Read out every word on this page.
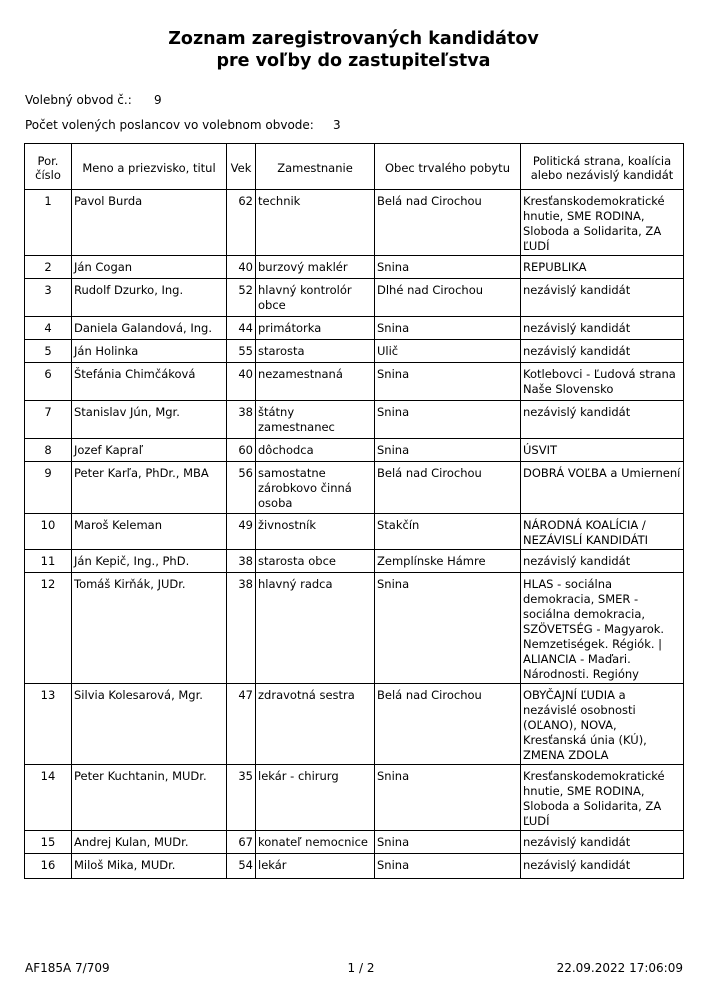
Zoznam zaregistrovaných kandidátov
pre voľby do zastupiteľstva
Volebný obvod č.: 9
Počet volených poslancov vo volebnom obvode: 3
Por. číslo	Meno a priezvisko, titul	Vek	Zamestnanie	Obec trvalého pobytu	Politická strana, koalícia alebo nezávislý kandidát
1	Pavol Burda	62	technik	Belá nad Cirochou	Kresťanskodemokratické hnutie, SME RODINA, Sloboda a Solidarita, ZA ĽUDÍ
2	Ján Cogan	40	burzový maklér	Snina	REPUBLIKA
3	Rudolf Dzurko, Ing.	52	hlavný kontrolór obce	Dlhé nad Cirochou	nezávislý kandidát
4	Daniela Galandová, Ing.	44	primátorka	Snina	nezávislý kandidát
5	Ján Holinka	55	starosta	Ulič	nezávislý kandidát
6	Štefánia Chimčáková	40	nezamestnaná	Snina	Kotlebovci - Ľudová strana Naše Slovensko
7	Stanislav Jún, Mgr.	38	štátny zamestnanec	Snina	nezávislý kandidát
8	Jozef Kapraľ	60	dôchodca	Snina	ÚSVIT
9	Peter Karľa, PhDr., MBA	56	samostatne zárobkovo činná osoba	Belá nad Cirochou	DOBRÁ VOĽBA a Umiernení
10	Maroš Keleman	49	živnostník	Stakčín	NÁRODNÁ KOALÍCIA / NEZÁVISLÍ KANDIDÁTI
11	Ján Kepič, Ing., PhD.	38	starosta obce	Zemplínske Hámre	nezávislý kandidát
12	Tomáš Kirňák, JUDr.	38	hlavný radca	Snina	HLAS - sociálna demokracia, SMER - sociálna demokracia, SZÖVETSÉG - Magyarok. Nemzetiségek. Régiók. | ALIANCIA - Maďari. Národnosti. Regióny
13	Silvia Kolesarová, Mgr.	47	zdravotná sestra	Belá nad Cirochou	OBYČAJNÍ ĽUDIA a nezávislé osobnosti (OĽANO), NOVA, Kresťanská únia (KÚ), ZMENA ZDOLA
14	Peter Kuchtanin, MUDr.	35	lekár - chirurg	Snina	Kresťanskodemokratické hnutie, SME RODINA, Sloboda a Solidarita, ZA ĽUDÍ
15	Andrej Kulan, MUDr.	67	konateľ nemocnice	Snina	nezávislý kandidát
16	Miloš Mika, MUDr.	54	lekár	Snina	nezávislý kandidát
AF185A 7/709	1 / 2	22.09.2022 17:06:09
